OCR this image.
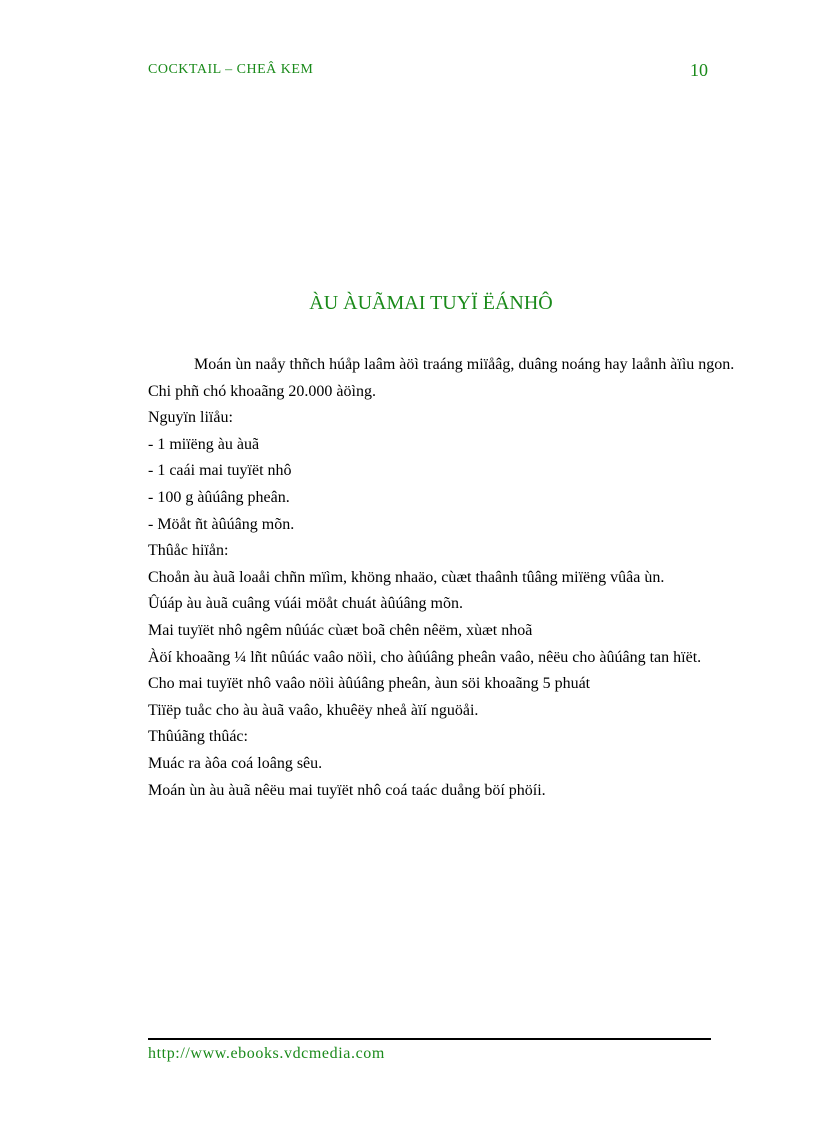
COCKTAIL – CHEÂ KEM	10
ÀU ÀUÃMAI TUYÏ ËÁNHÔ
Moán ùn naåy thñch húåp laâm àöì traáng miïåâg, duâng noáng hay laånh àïìu ngon.
Chi phñ chó khoaãng 20.000 àöìng.
Nguyïn liïåu:
- 1 miïëng àu àuã
- 1 caái mai tuyïët nhô
- 100 g àûúâng pheân.
- Möåt ñt àûúâng mõn.
Thûåc hiïån:
Choån àu àuã loaåi chñn mïìm, khöng nhaäo, cùæt thaânh tûâng miïëng vûâa ùn.
Ûúáp àu àuã cuâng vúái möåt chuát àûúâng mõn.
Mai tuyïët nhô ngêm nûúác cùæt boã chên nêëm, xùæt nhoã
Àöí khoaãng ¼ lñt nûúác vaâo nöìi, cho àûúâng pheân vaâo, nêëu cho àûúâng tan hïët.
Cho mai tuyïët nhô vaâo nöìi àûúâng pheân, àun söi khoaãng 5 phuát
Tiïëp tuåc cho àu àuã vaâo, khuêëy nheå àïí nguöåi.
Thûúãng thûác:
Muác ra àôa coá loâng sêu.
Moán ùn àu àuã nêëu mai tuyïët nhô coá taác duång böí phöíi.
http://www.ebooks.vdcmedia.com
